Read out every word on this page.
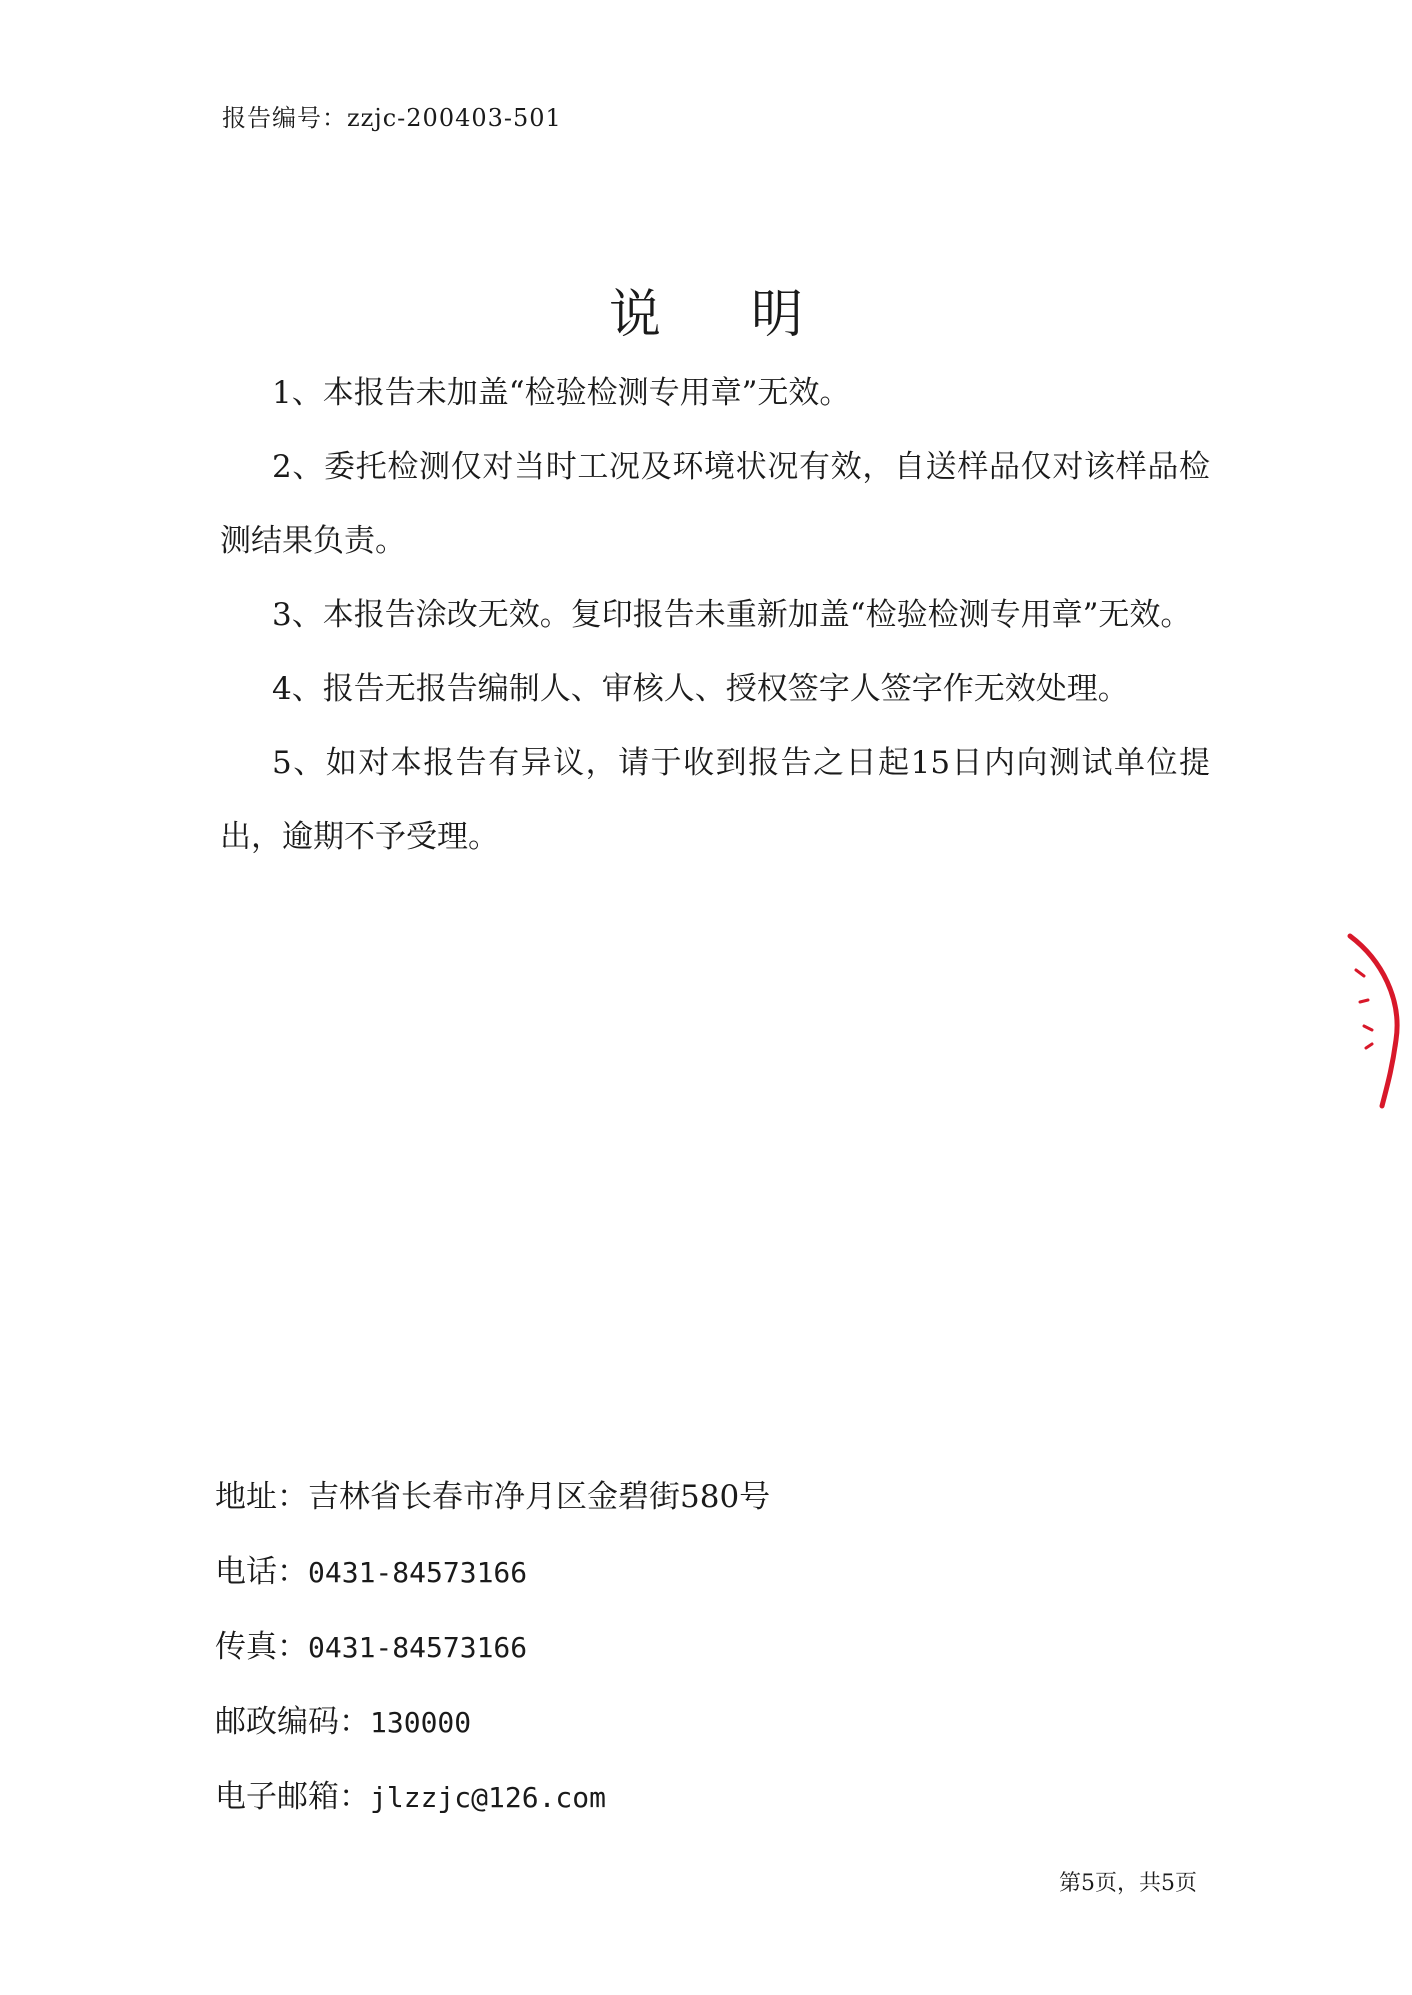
报告编号：zzjc-200403-501
说 明

1、本报告未加盖“检验检测专用章”无效。

2、委托检测仅对当时工况及环境状况有效，自送样品仅对该样品检测结果负责。

3、本报告涂改无效。复印报告未重新加盖“检验检测专用章”无效。

4、报告无报告编制人、审核人、授权签字人签字作无效处理。

5、如对本报告有异议，请于收到报告之日起15日内向测试单位提出，逾期不予受理。

地址：吉林省长春市净月区金碧街580号
电话：0431-84573166
传真：0431-84573166
邮政编码：130000
电子邮箱：jlzzjc@126.com
第5页，共5页
